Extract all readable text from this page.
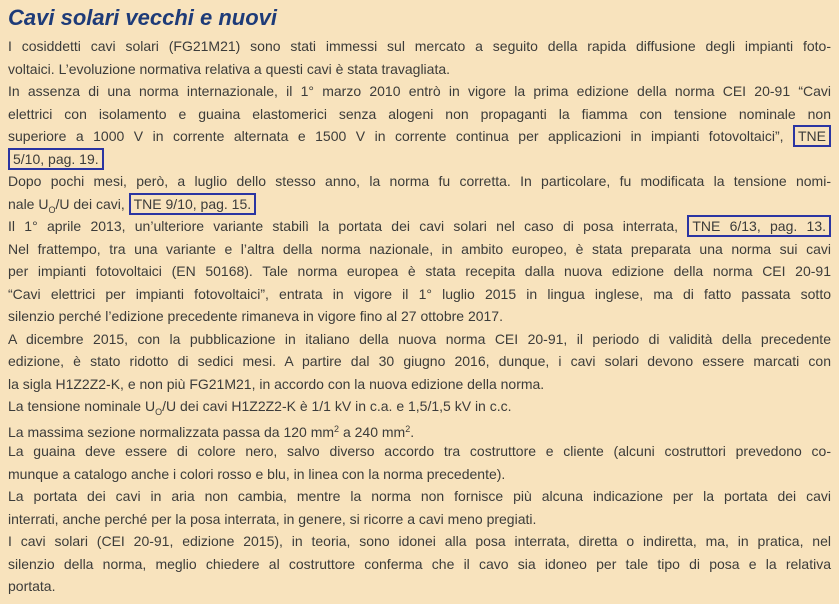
Cavi solari vecchi e nuovi
I cosiddetti cavi solari (FG21M21) sono stati immessi sul mercato a seguito della rapida diffusione degli impianti foto-
voltaici. L’evoluzione normativa relativa a questi cavi è stata travagliata.
In assenza di una norma internazionale, il 1° marzo 2010 entrò in vigore la prima edizione della norma CEI 20-91 “Cavi
elettrici con isolamento e guaina elastomerici senza alogeni non propaganti la fiamma con tensione nominale non
superiore a 1000 V in corrente alternata e 1500 V in corrente continua per applicazioni in impianti fotovoltaici”, TNE
5/10, pag. 19.
Dopo pochi mesi, però, a luglio dello stesso anno, la norma fu corretta. In particolare, fu modificata la tensione nomi-
nale $U_O/U$ dei cavi, TNE 9/10, pag. 15.
Il 1° aprile 2013, un’ulteriore variante stabilì la portata dei cavi solari nel caso di posa interrata, TNE 6/13, pag. 13.
Nel frattempo, tra una variante e l’altra della norma nazionale, in ambito europeo, è stata preparata una norma sui cavi
per impianti fotovoltaici (EN 50168). Tale norma europea è stata recepita dalla nuova edizione della norma CEI 20-91
“Cavi elettrici per impianti fotovoltaici”, entrata in vigore il 1° luglio 2015 in lingua inglese, ma di fatto passata sotto
silenzio perché l’edizione precedente rimaneva in vigore fino al 27 ottobre 2017.
A dicembre 2015, con la pubblicazione in italiano della nuova norma CEI 20-91, il periodo di validità della precedente
edizione, è stato ridotto di sedici mesi. A partire dal 30 giugno 2016, dunque, i cavi solari devono essere marcati con
la sigla H1Z2Z2-K, e non più FG21M21, in accordo con la nuova edizione della norma.
La tensione nominale $U_O/U$ dei cavi H1Z2Z2-K è 1/1 kV in c.a. e 1,5/1,5 kV in c.c.
La massima sezione normalizzata passa da 120 $mm^2$ a 240 $mm^2$.
La guaina deve essere di colore nero, salvo diverso accordo tra costruttore e cliente (alcuni costruttori prevedono co-
munque a catalogo anche i colori rosso e blu, in linea con la norma precedente).
La portata dei cavi in aria non cambia, mentre la norma non fornisce più alcuna indicazione per la portata dei cavi
interrati, anche perché per la posa interrata, in genere, si ricorre a cavi meno pregiati.
I cavi solari (CEI 20-91, edizione 2015), in teoria, sono idonei alla posa interrata, diretta o indiretta, ma, in pratica, nel
silenzio della norma, meglio chiedere al costruttore conferma che il cavo sia idoneo per tale tipo di posa e la relativa
portata.
